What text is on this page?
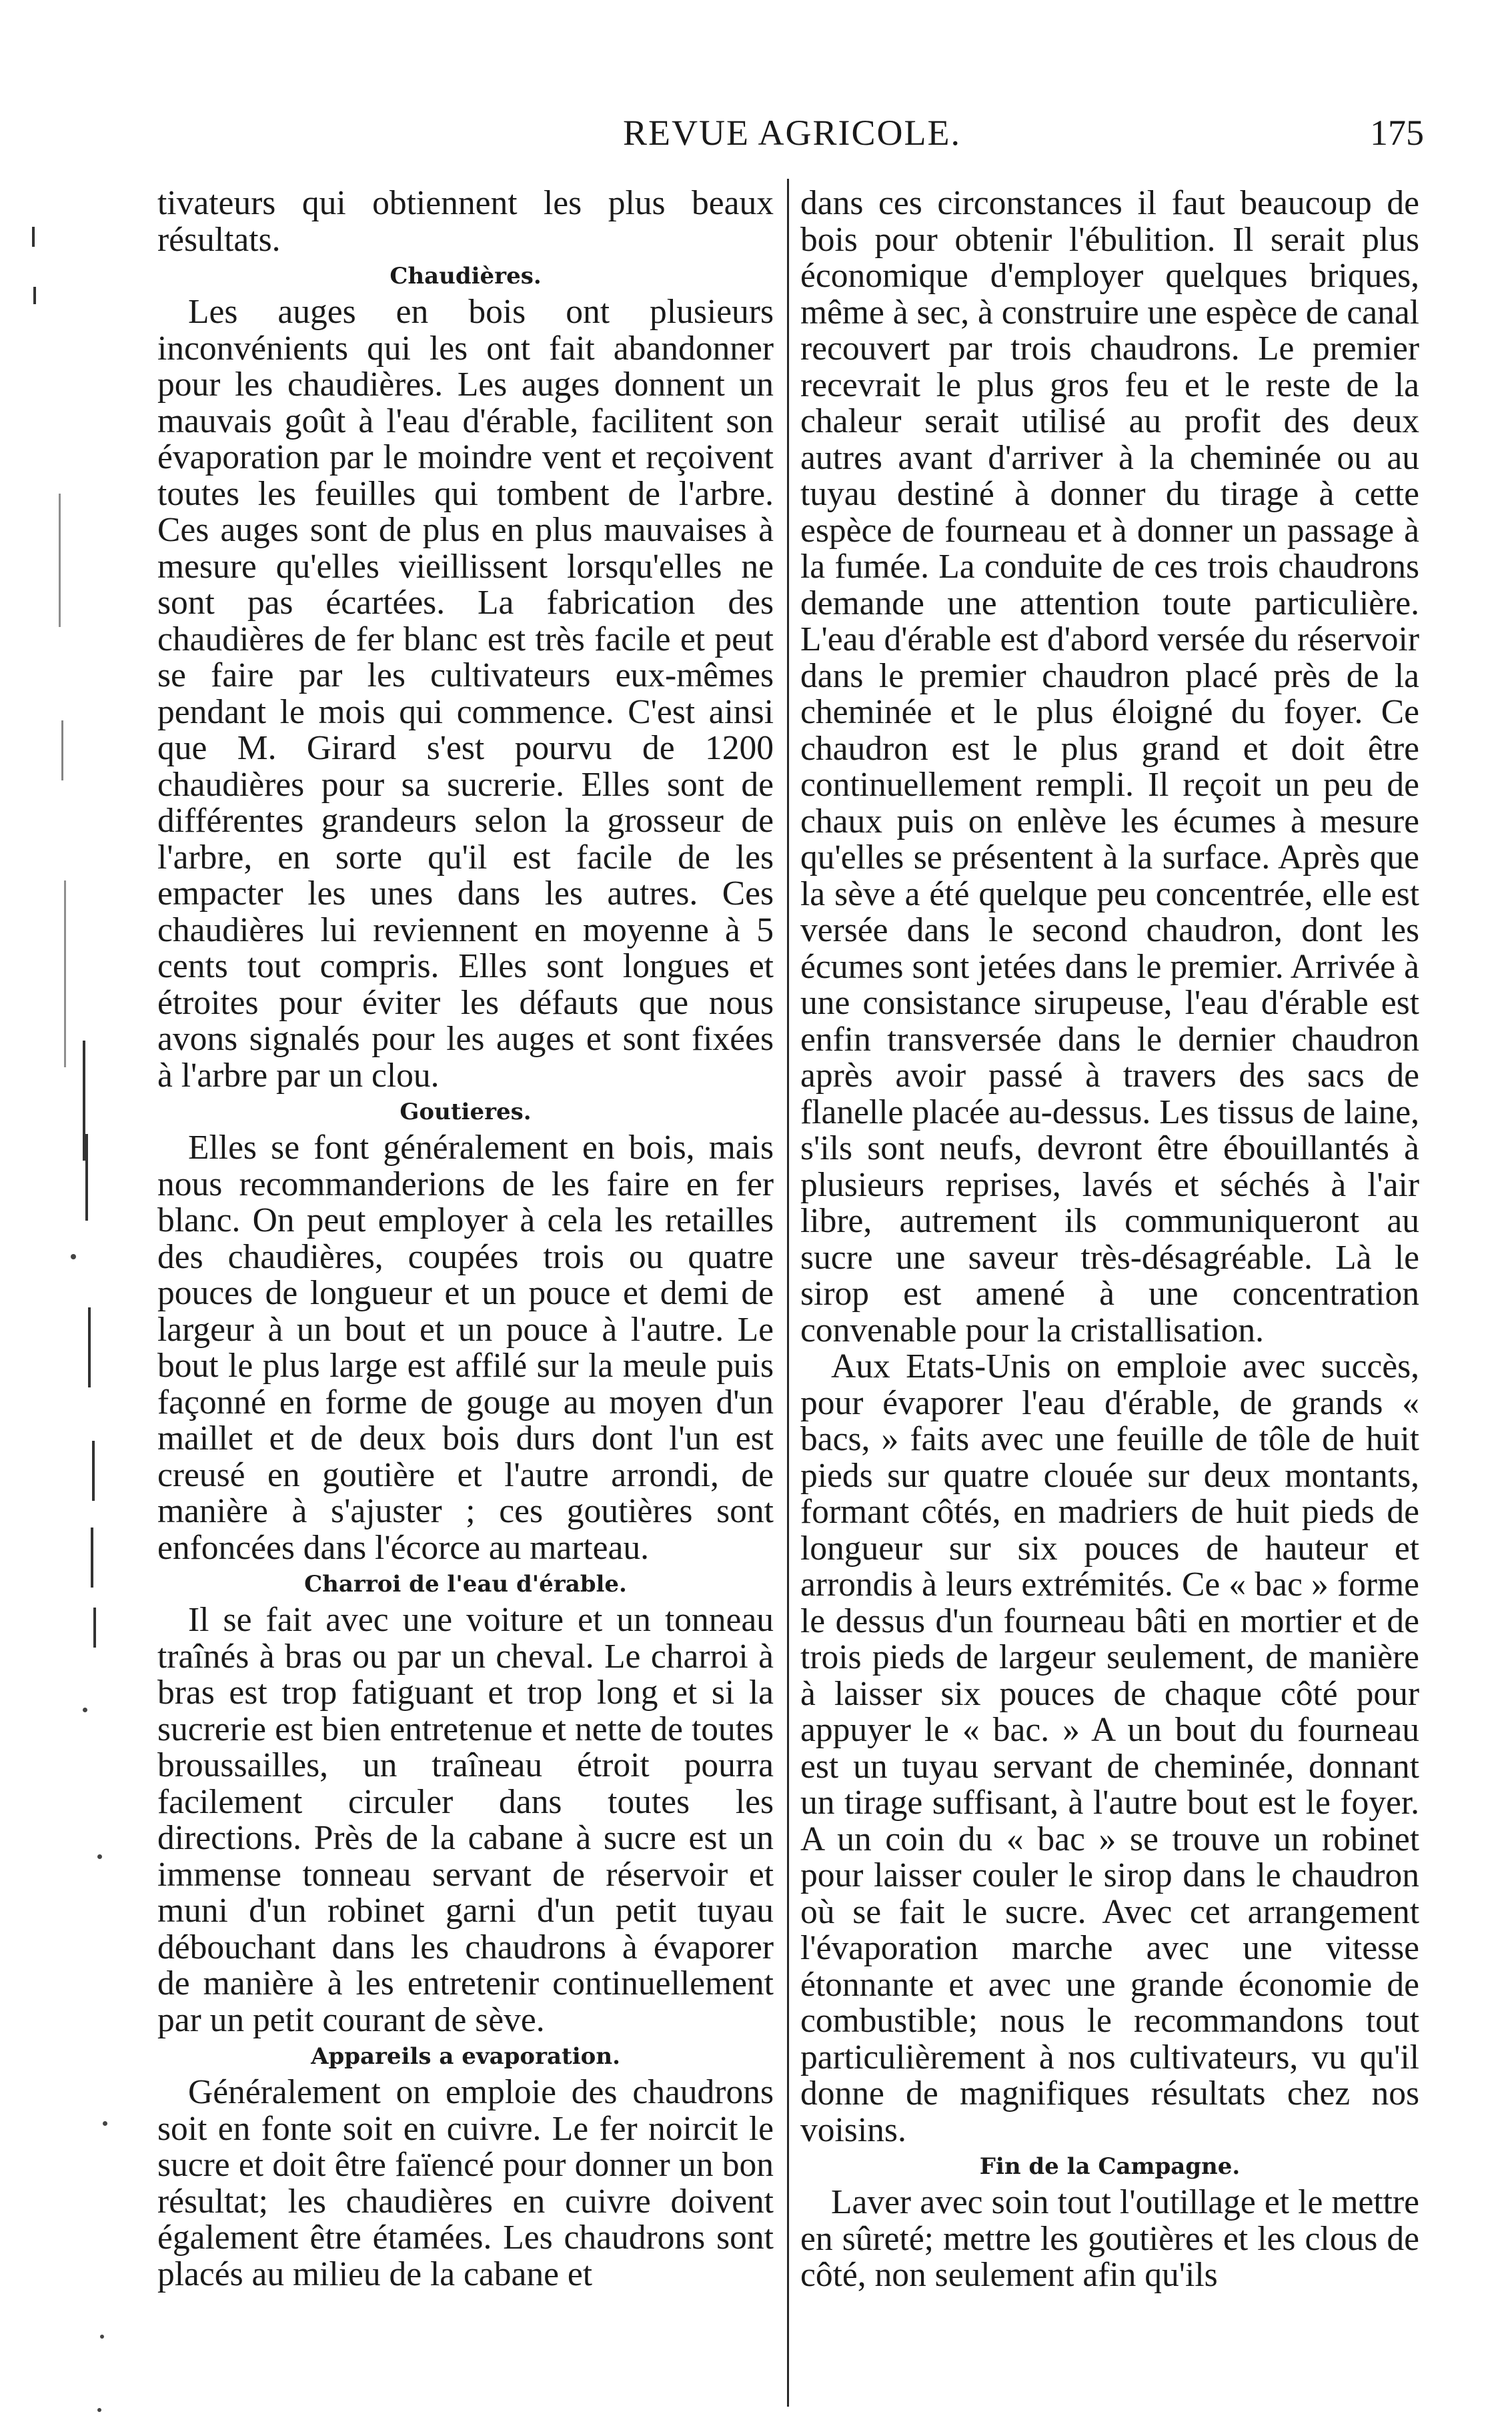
REVUE AGRICOLE.	175

tivateurs qui obtiennent les plus beaux résultats.

Chaudières.

Les auges en bois ont plusieurs inconvénients qui les ont fait abandonner pour les chaudières. Les auges donnent un mauvais goût à l'eau d'érable, facilitent son évaporation par le moindre vent et reçoivent toutes les feuilles qui tombent de l'arbre. Ces auges sont de plus en plus mauvaises à mesure qu'elles vieillissent lorsqu'elles ne sont pas écartées. La fabrication des chaudières de fer blanc est très facile et peut se faire par les cultivateurs eux-mêmes pendant le mois qui commence. C'est ainsi que M. Girard s'est pourvu de 1200 chaudières pour sa sucrerie. Elles sont de différentes grandeurs selon la grosseur de l'arbre, en sorte qu'il est facile de les empacter les unes dans les autres. Ces chaudières lui reviennent en moyenne à 5 cents tout compris. Elles sont longues et étroites pour éviter les défauts que nous avons signalés pour les auges et sont fixées à l'arbre par un clou.

Goutieres.

Elles se font généralement en bois, mais nous recommanderions de les faire en fer blanc. On peut employer à cela les retailles des chaudières, coupées trois ou quatre pouces de longueur et un pouce et demi de largeur à un bout et un pouce à l'autre. Le bout le plus large est affilé sur la meule puis façonné en forme de gouge au moyen d'un maillet et de deux bois durs dont l'un est creusé en goutière et l'autre arrondi, de manière à s'ajuster ; ces goutières sont enfoncées dans l'écorce au marteau.

Charroi de l'eau d'érable.

Il se fait avec une voiture et un tonneau traînés à bras ou par un cheval. Le charroi à bras est trop fatiguant et trop long et si la sucrerie est bien entretenue et nette de toutes broussailles, un traîneau étroit pourra facilement circuler dans toutes les directions. Près de la cabane à sucre est un immense tonneau servant de réservoir et muni d'un robinet garni d'un petit tuyau débouchant dans les chaudrons à évaporer de manière à les entretenir continuellement par un petit courant de sève.

Appareils a evaporation.

Généralement on emploie des chaudrons soit en fonte soit en cuivre. Le fer noircit le sucre et doit être faïencé pour donner un bon résultat; les chaudières en cuivre doivent également être étamées. Les chaudrons sont placés au milieu de la cabane et

dans ces circonstances il faut beaucoup de bois pour obtenir l'ébulition. Il serait plus économique d'employer quelques briques, même à sec, à construire une espèce de canal recouvert par trois chaudrons. Le premier recevrait le plus gros feu et le reste de la chaleur serait utilisé au profit des deux autres avant d'arriver à la cheminée ou au tuyau destiné à donner du tirage à cette espèce de fourneau et à donner un passage à la fumée. La conduite de ces trois chaudrons demande une attention toute particulière. L'eau d'érable est d'abord versée du réservoir dans le premier chaudron placé près de la cheminée et le plus éloigné du foyer. Ce chaudron est le plus grand et doit être continuellement rempli. Il reçoit un peu de chaux puis on enlève les écumes à mesure qu'elles se présentent à la surface. Après que la sève a été quelque peu concentrée, elle est versée dans le second chaudron, dont les écumes sont jetées dans le premier. Arrivée à une consistance sirupeuse, l'eau d'érable est enfin transversée dans le dernier chaudron après avoir passé à travers des sacs de flanelle placée au-dessus. Les tissus de laine, s'ils sont neufs, devront être ébouillantés à plusieurs reprises, lavés et séchés à l'air libre, autrement ils communiqueront au sucre une saveur très-désagréable. Là le sirop est amené à une concentration convenable pour la cristallisation.

Aux Etats-Unis on emploie avec succès, pour évaporer l'eau d'érable, de grands « bacs, » faits avec une feuille de tôle de huit pieds sur quatre clouée sur deux montants, formant côtés, en madriers de huit pieds de longueur sur six pouces de hauteur et arrondis à leurs extrémités. Ce « bac » forme le dessus d'un fourneau bâti en mortier et de trois pieds de largeur seulement, de manière à laisser six pouces de chaque côté pour appuyer le « bac. » A un bout du fourneau est un tuyau servant de cheminée, donnant un tirage suffisant, à l'autre bout est le foyer. A un coin du « bac » se trouve un robinet pour laisser couler le sirop dans le chaudron où se fait le sucre. Avec cet arrangement l'évaporation marche avec une vitesse étonnante et avec une grande économie de combustible; nous le recommandons tout particulièrement à nos cultivateurs, vu qu'il donne de magnifiques résultats chez nos voisins.

Fin de la Campagne.

Laver avec soin tout l'outillage et le mettre en sûreté; mettre les goutières et les clous de côté, non seulement afin qu'ils
